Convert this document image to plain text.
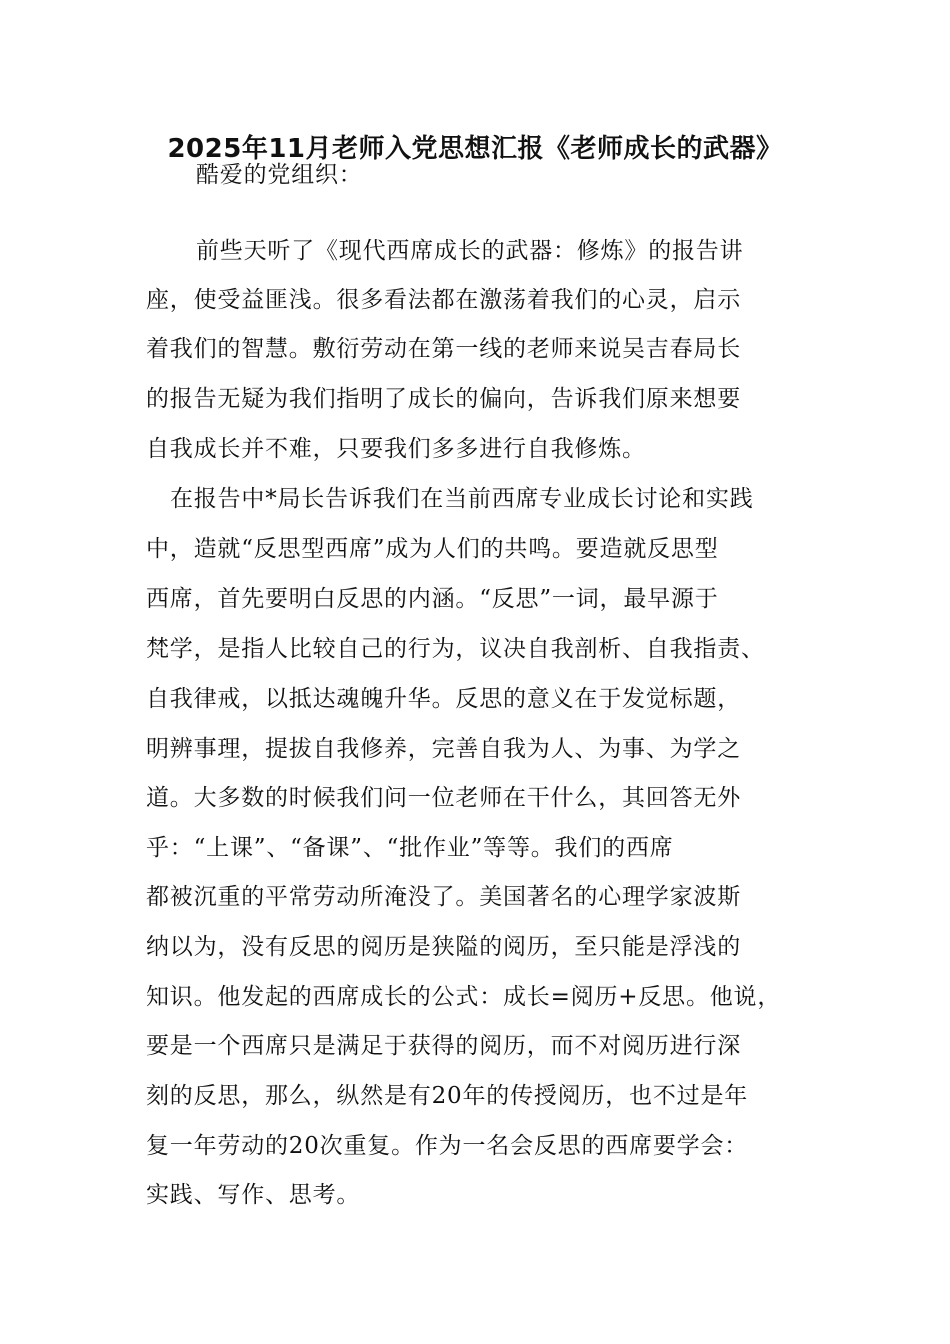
2025年11月老师入党思想汇报《老师成长的武器》
酷爱的党组织：
前些天听了《现代西席成长的武器：修炼》的报告讲
座，使受益匪浅。很多看法都在激荡着我们的心灵，启示
着我们的智慧。敷衍劳动在第一线的老师来说吴吉春局长
的报告无疑为我们指明了成长的偏向，告诉我们原来想要
自我成长并不难，只要我们多多进行自我修炼。
在报告中*局长告诉我们在当前西席专业成长讨论和实践
中，造就“反思型西席”成为人们的共鸣。要造就反思型
西席，首先要明白反思的内涵。“反思”一词，最早源于
梵学，是指人比较自己的行为，议决自我剖析、自我指责、
自我律戒，以抵达魂魄升华。反思的意义在于发觉标题，
明辨事理，提拔自我修养，完善自我为人、为事、为学之
道。大多数的时候我们问一位老师在干什么，其回答无外
乎：“上课”、“备课”、“批作业”等等。我们的西席
都被沉重的平常劳动所淹没了。美国著名的心理学家波斯
纳以为，没有反思的阅历是狭隘的阅历，至只能是浮浅的
知识。他发起的西席成长的公式：成长=阅历+反思。他说，
要是一个西席只是满足于获得的阅历，而不对阅历进行深
刻的反思，那么，纵然是有20年的传授阅历，也不过是年
复一年劳动的20次重复。作为一名会反思的西席要学会：
实践、写作、思考。
